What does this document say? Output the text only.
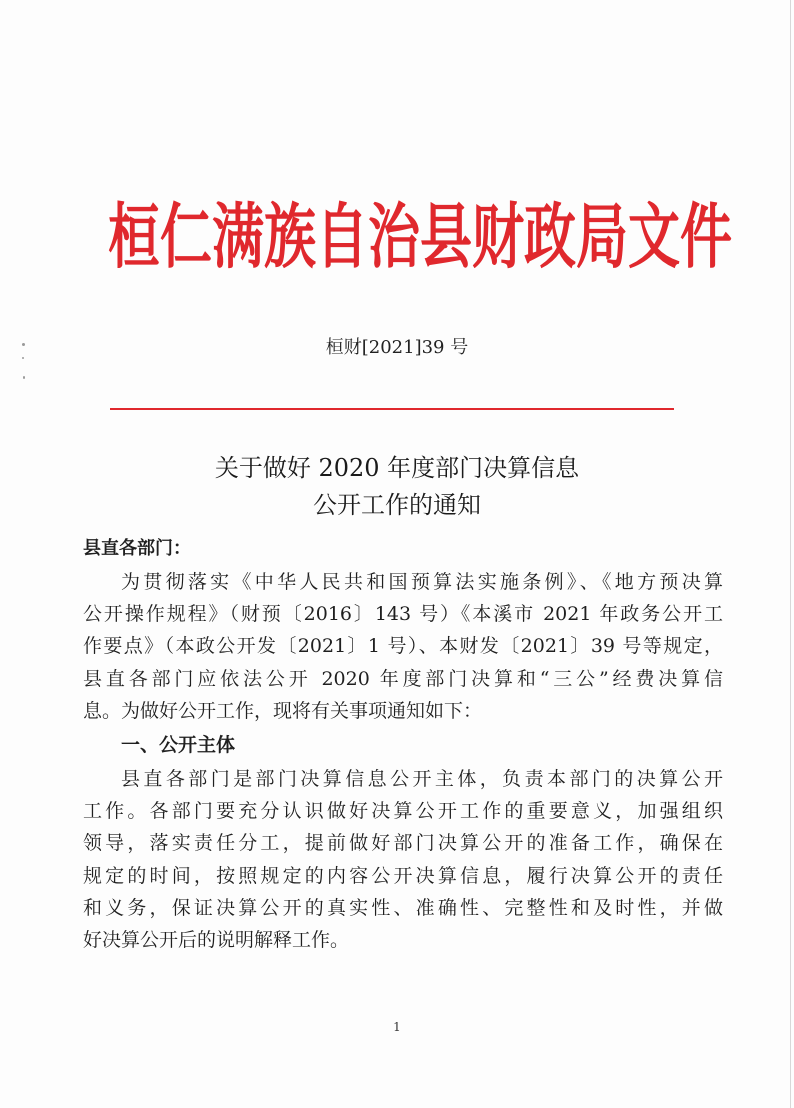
桓仁满族自治县财政局文件
桓财[2021]39 号
关于做好 2020 年度部门决算信息
公开工作的通知
县直各部门：
为贯彻落实《中华人民共和国预算法实施条例》、《地方预决算
公开操作规程》（财预〔2016〕143 号）《本溪市 2021 年政务公开工
作要点》（本政公开发〔2021〕1 号）、本财发〔2021〕39 号等规定，
县直各部门应依法公开 2020 年度部门决算和“三公”经费决算信
息。为做好公开工作，现将有关事项通知如下：
一、公开主体
县直各部门是部门决算信息公开主体，负责本部门的决算公开
工作。各部门要充分认识做好决算公开工作的重要意义，加强组织
领导，落实责任分工，提前做好部门决算公开的准备工作，确保在
规定的时间，按照规定的内容公开决算信息，履行决算公开的责任
和义务，保证决算公开的真实性、准确性、完整性和及时性，并做
好决算公开后的说明解释工作。
1
